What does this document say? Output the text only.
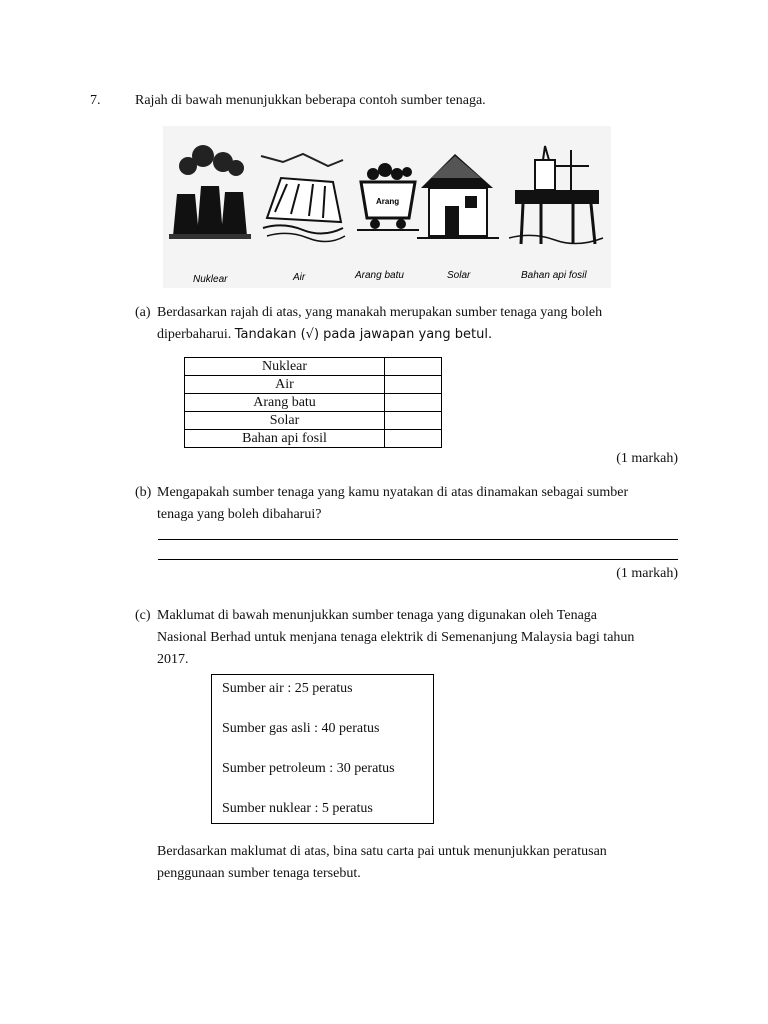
7. Rajah di bawah menunjukkan beberapa contoh sumber tenaga.
Arang
Nuklear	Air	Arang batu	Solar	Bahan api fosil
(a) Berdasarkan rajah di atas, yang manakah merupakan sumber tenaga yang boleh
diperbaharui. Tandakan (√) pada jawapan yang betul.
Nuklear	
Air	
Arang batu	
Solar	
Bahan api fosil	
(1 markah)
(b) Mengapakah sumber tenaga yang kamu nyatakan di atas dinamakan sebagai sumber
tenaga yang boleh dibaharui?
(1 markah)
(c) Maklumat di bawah menunjukkan sumber tenaga yang digunakan oleh Tenaga
Nasional Berhad untuk menjana tenaga elektrik di Semenanjung Malaysia bagi tahun
2017.
Sumber air : 25 peratus
Sumber gas asli : 40 peratus
Sumber petroleum : 30 peratus
Sumber nuklear : 5 peratus
Berdasarkan maklumat di atas, bina satu carta pai untuk menunjukkan peratusan
penggunaan sumber tenaga tersebut.
